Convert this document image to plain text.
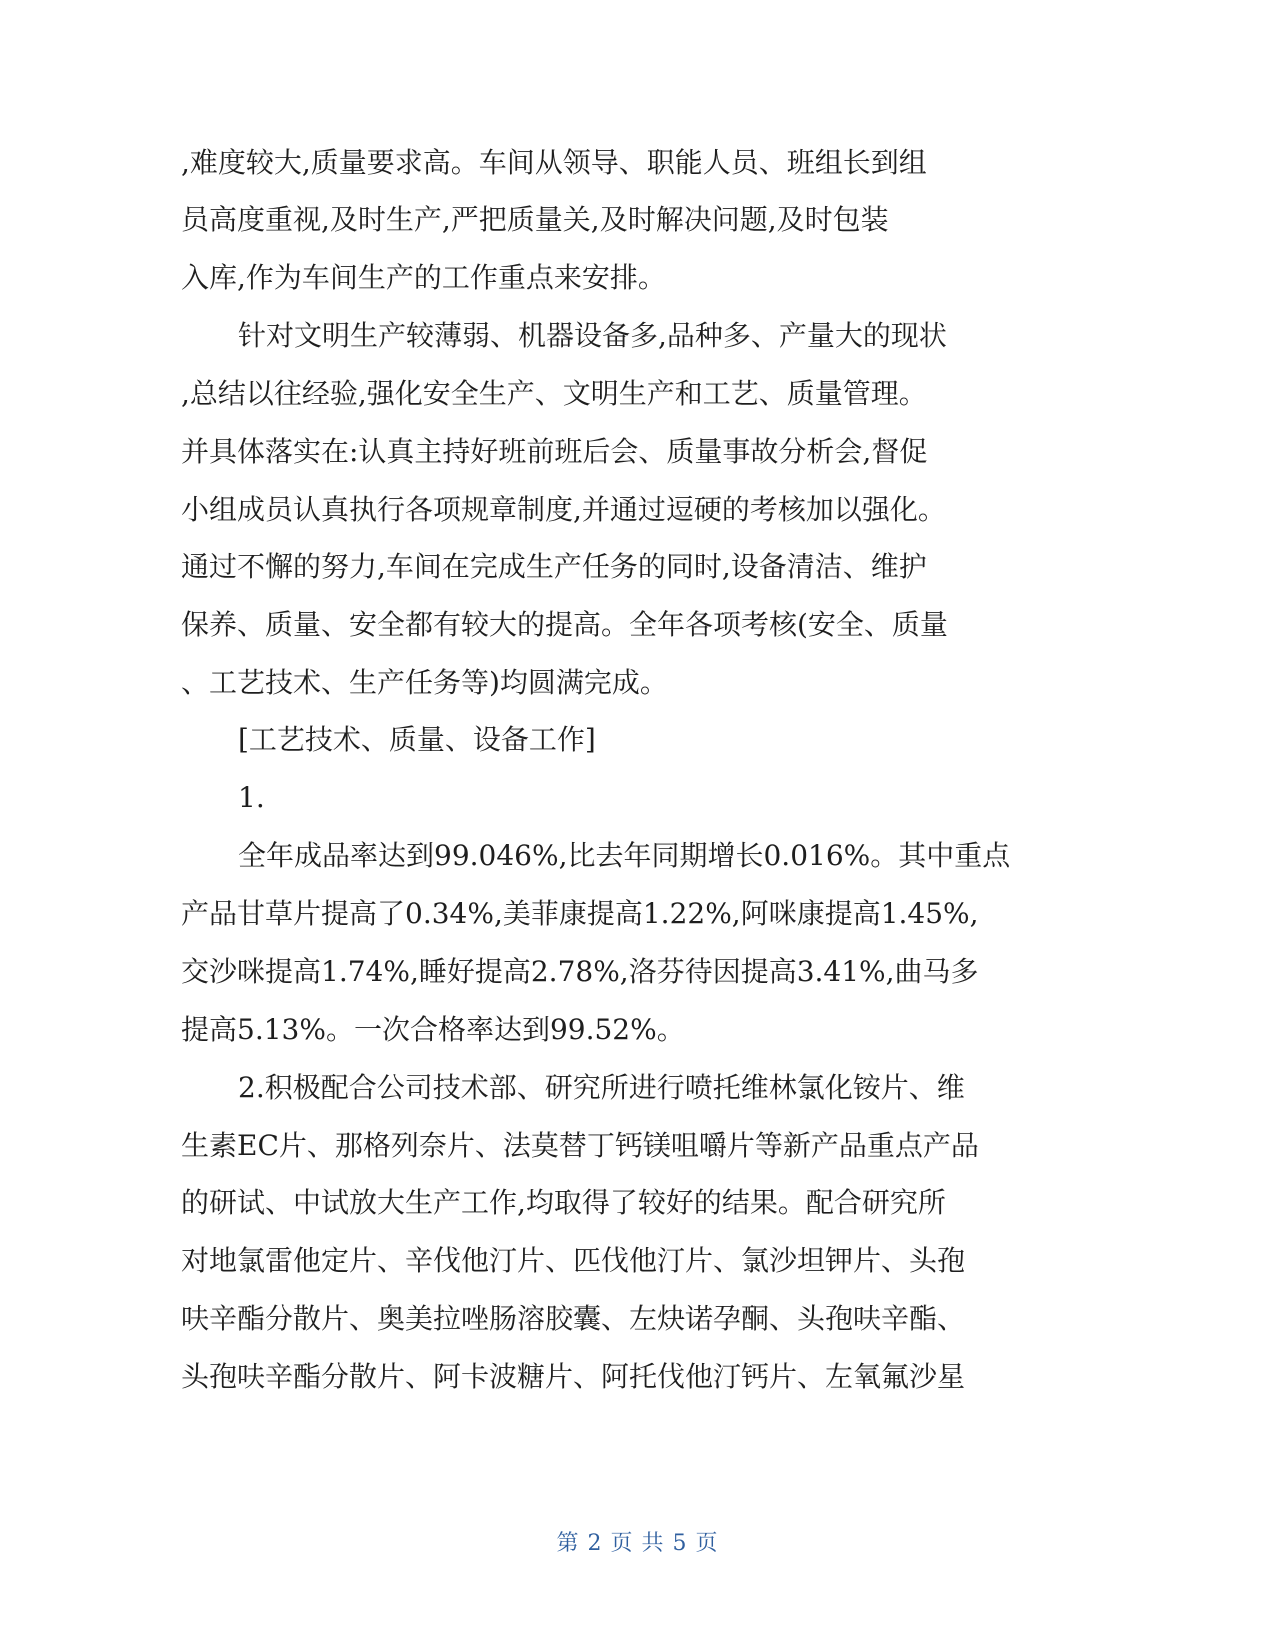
,难度较大,质量要求高。车间从领导、职能人员、班组长到组

员高度重视,及时生产,严把质量关,及时解决问题,及时包装

入库,作为车间生产的工作重点来安排。

针对文明生产较薄弱、机器设备多,品种多、产量大的现状

,总结以往经验,强化安全生产、文明生产和工艺、质量管理。

并具体落实在:认真主持好班前班后会、质量事故分析会,督促

小组成员认真执行各项规章制度,并通过逗硬的考核加以强化。

通过不懈的努力,车间在完成生产任务的同时,设备清洁、维护

保养、质量、安全都有较大的提高。全年各项考核(安全、质量

、工艺技术、生产任务等)均圆满完成。

[工艺技术、质量、设备工作]

1.

全年成品率达到99.046%,比去年同期增长0.016%。其中重点

产品甘草片提高了0.34%,美菲康提高1.22%,阿咪康提高1.45%,

交沙咪提高1.74%,睡好提高2.78%,洛芬待因提高3.41%,曲马多

提高5.13%。一次合格率达到99.52%。

2.积极配合公司技术部、研究所进行喷托维林氯化铵片、维

生素EC片、那格列奈片、法莫替丁钙镁咀嚼片等新产品重点产品

的研试、中试放大生产工作,均取得了较好的结果。配合研究所

对地氯雷他定片、辛伐他汀片、匹伐他汀片、氯沙坦钾片、头孢

呋辛酯分散片、奥美拉唑肠溶胶囊、左炔诺孕酮、头孢呋辛酯、

头孢呋辛酯分散片、阿卡波糖片、阿托伐他汀钙片、左氧氟沙星

第 2 页 共 5 页
